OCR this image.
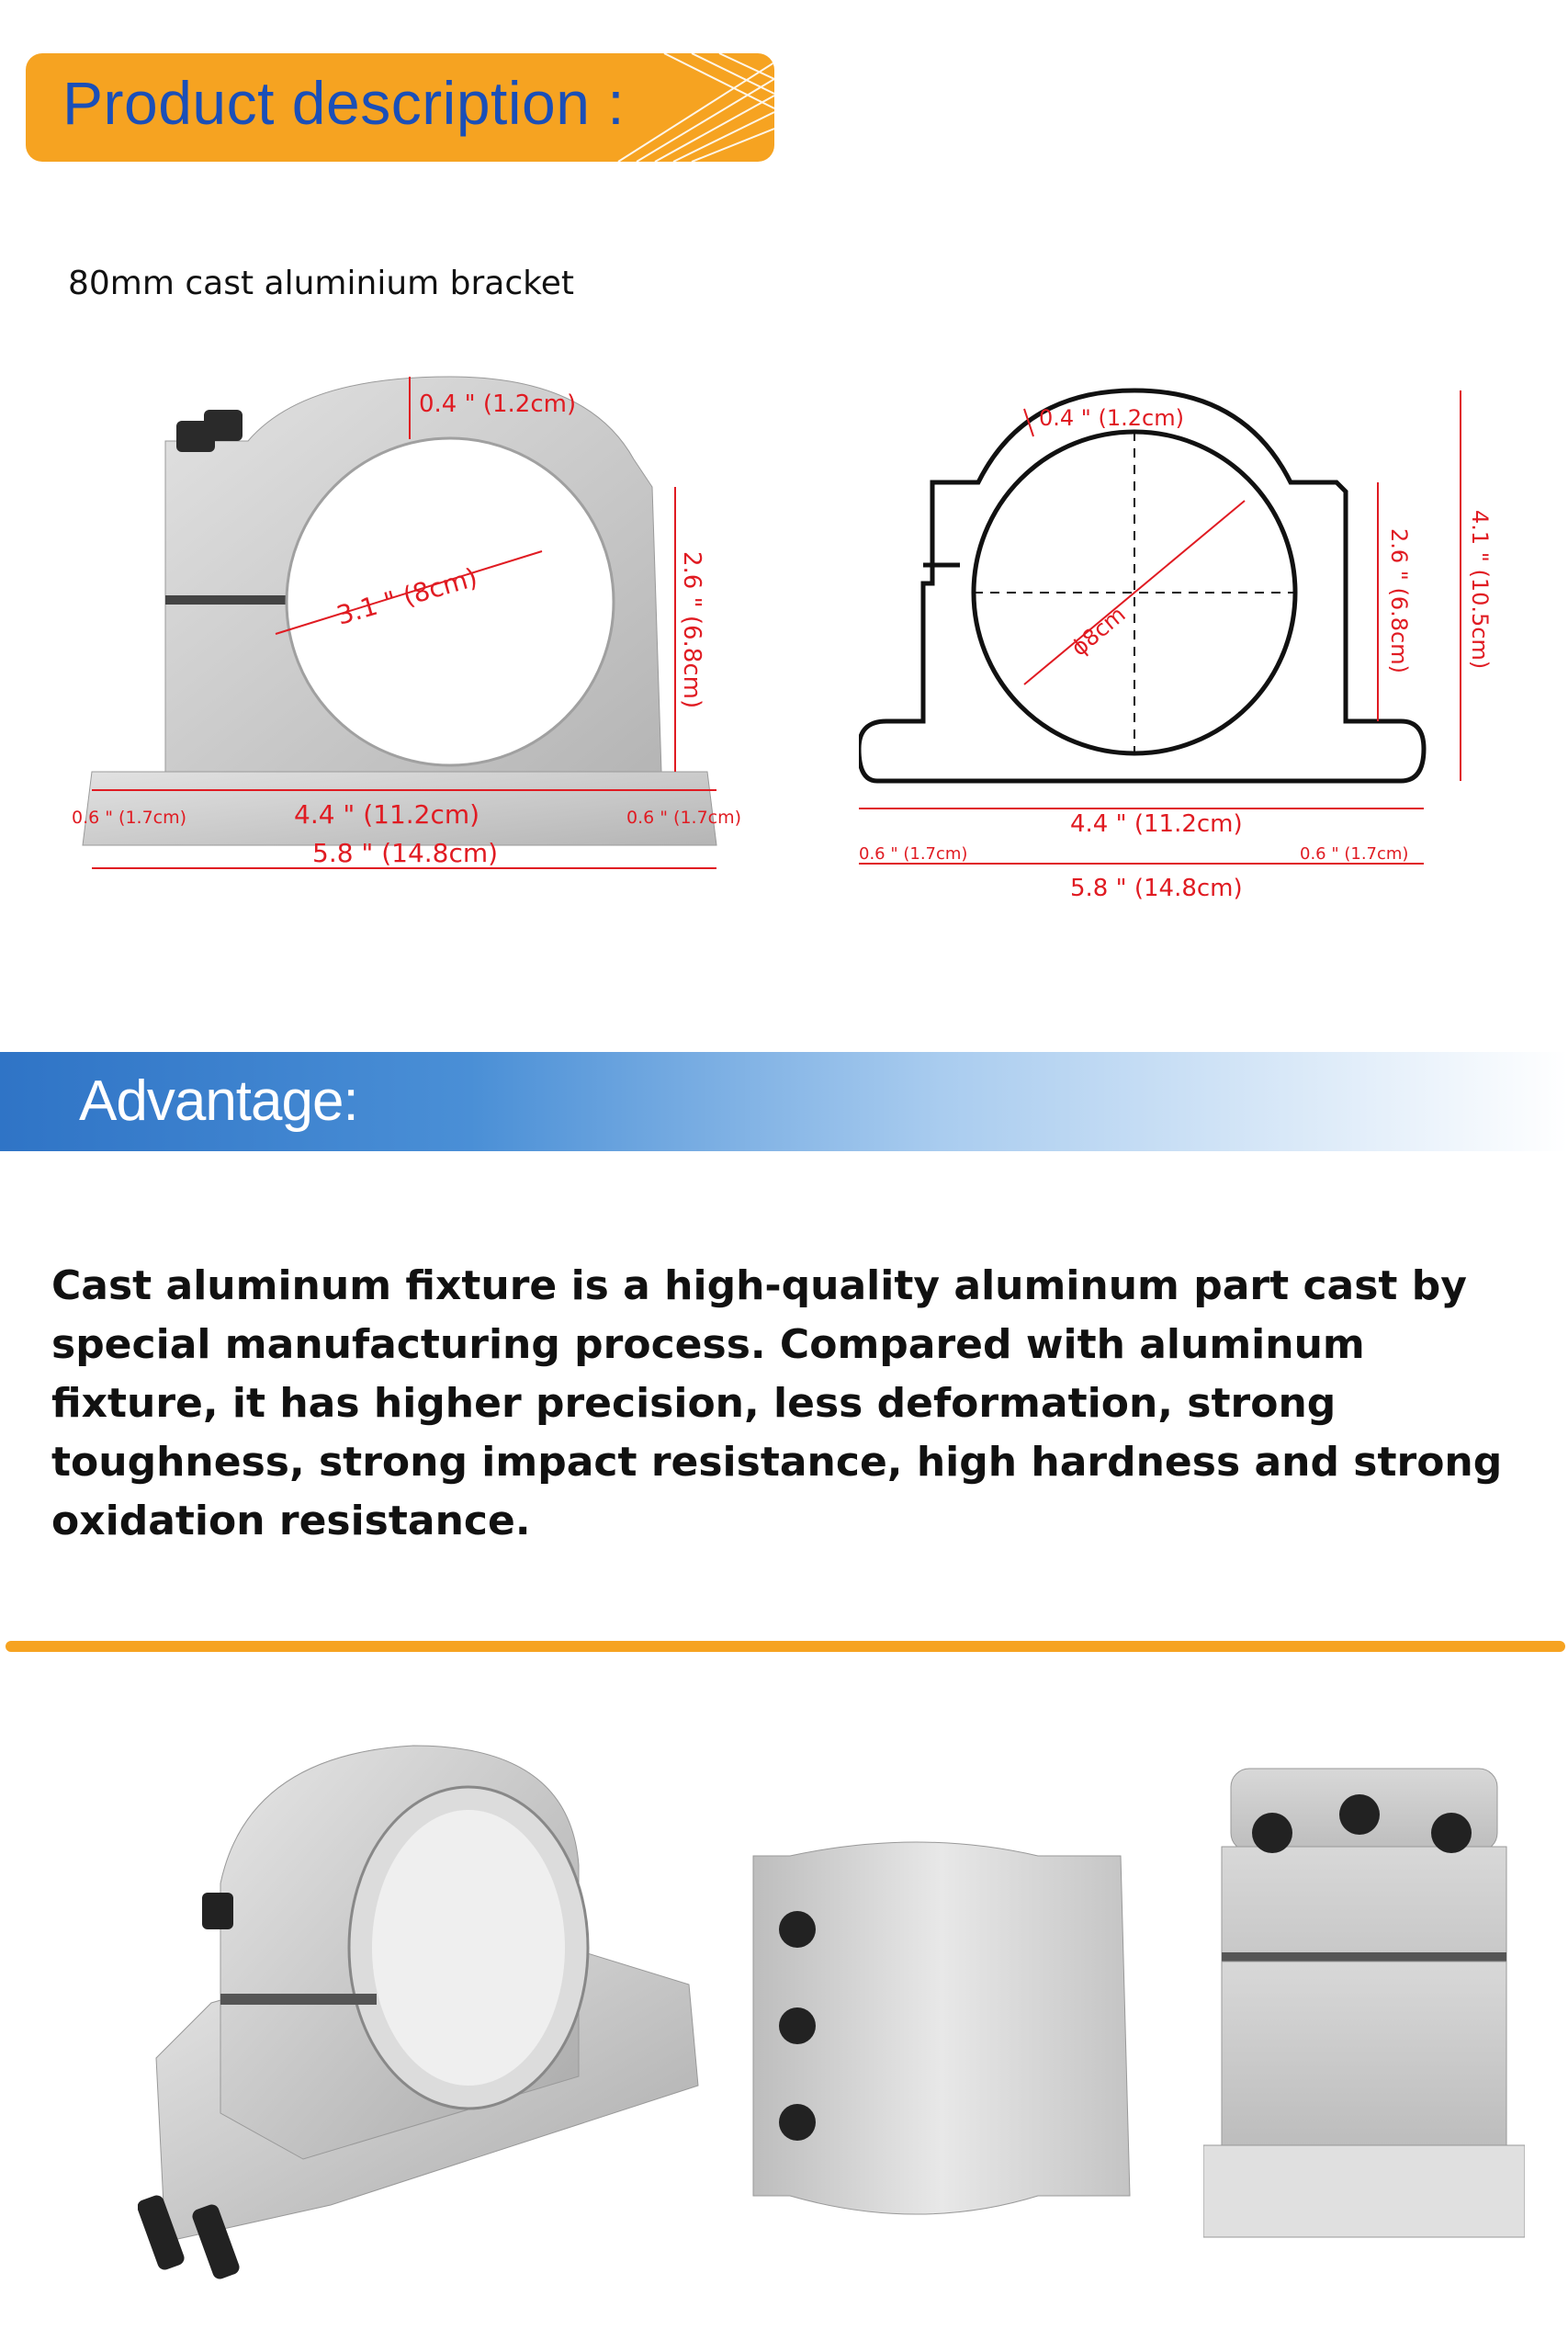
Product description :
80mm cast aluminium bracket
0.4 " (1.2cm)
3.1 " (8cm)	2.6 " (6.8cm)
4.4 " (11.2cm)
0.6 " (1.7cm)	0.6 " (1.7cm)
5.8 " (14.8cm)
0.4 " (1.2cm)
ϕ8cm	2.6 " (6.8cm)	4.1 " (10.5cm)
4.4 " (11.2cm)
0.6 " (1.7cm)	0.6 " (1.7cm)
5.8 " (14.8cm)
Advantage:

Cast aluminum fixture is a high-quality aluminum part cast by special manufacturing process. Compared with aluminum fixture, it has higher precision, less deformation, strong toughness, strong impact resistance, high hardness and strong oxidation resistance.
